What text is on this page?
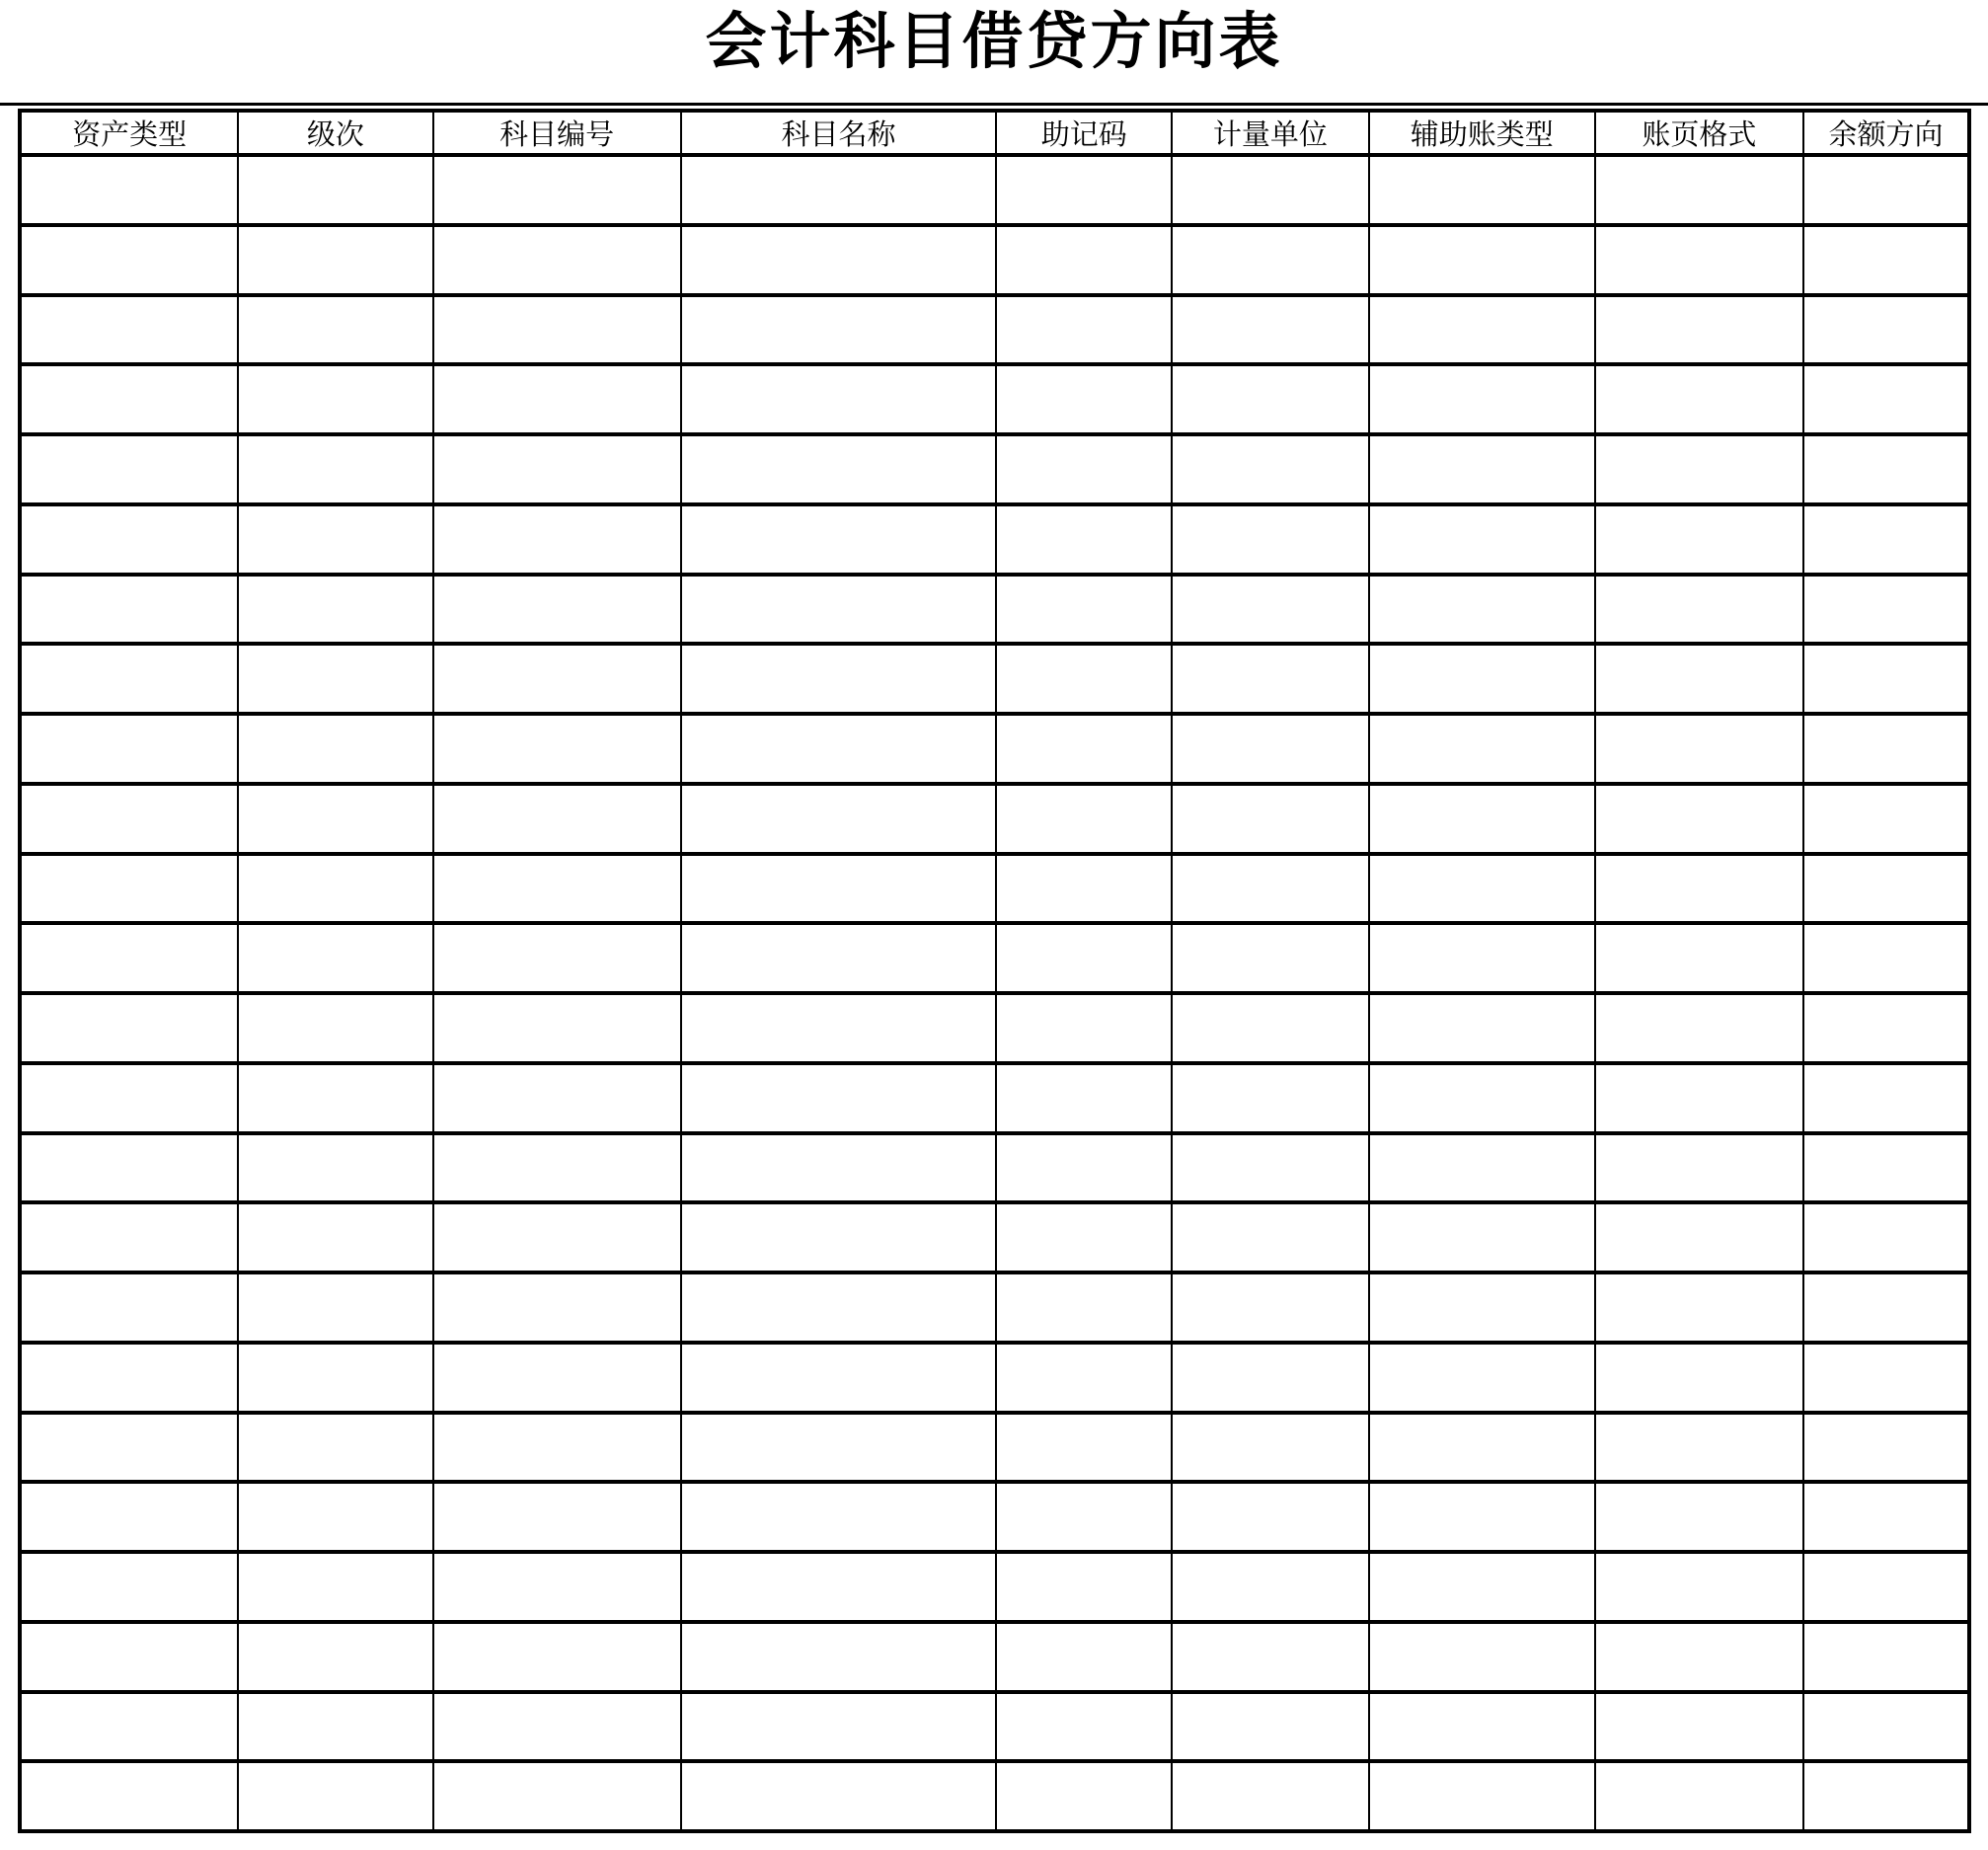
会计科目借贷方向表
资产类型	级次	科目编号	科目名称	助记码	计量单位	辅助账类型	账页格式	余额方向
